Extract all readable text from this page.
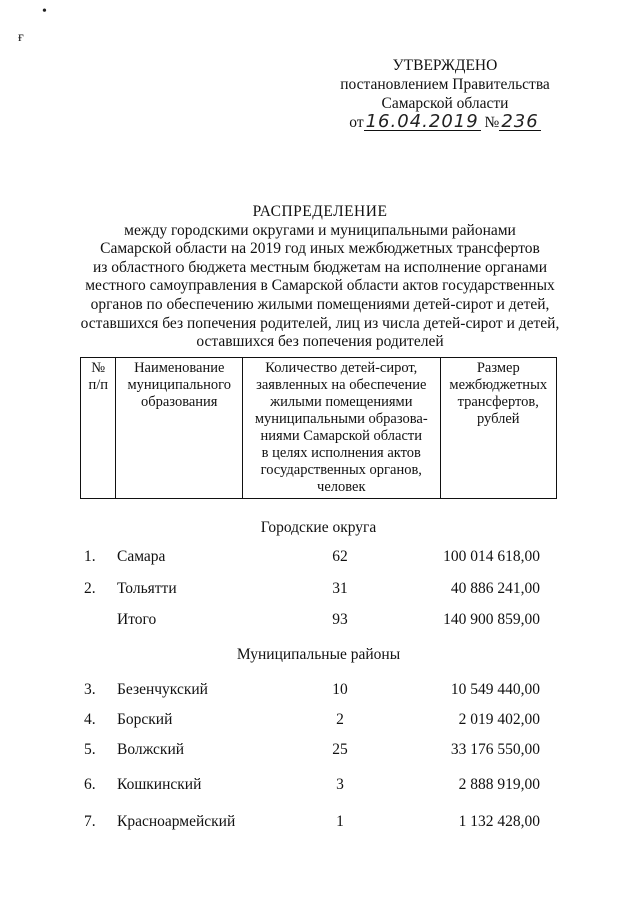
•
ғ
УТВЕРЖДЕНО
постановлением Правительства
Самарской области
от 16.04.2019 № 236
РАСПРЕДЕЛЕНИЕ
между городскими округами и муниципальными районами
Самарской области на 2019 год иных межбюджетных трансфертов
из областного бюджета местным бюджетам на исполнение органами
местного самоуправления в Самарской области актов государственных
органов по обеспечению жилыми помещениями детей-сирот и детей,
оставшихся без попечения родителей, лиц из числа детей-сирот и детей,
оставшихся без попечения родителей
№
п/п

Наименование
муниципального
образования

Количество детей-сирот,
заявленных на обеспечение
жилыми помещениями
муниципальными образова-
ниями Самарской области
в целях исполнения актов
государственных органов,
человек

Размер
межбюджетных
трансфертов,
рублей
Городские округа
1.	Самара	62	100 014 618,00
2.	Тольятти	31	40 886 241,00
Итого	93	140 900 859,00
Муниципальные районы
3.	Безенчукский	10	10 549 440,00
4.	Борский	2	2 019 402,00
5.	Волжский	25	33 176 550,00
6.	Кошкинский	3	2 888 919,00
7.	Красноармейский	1	1 132 428,00
